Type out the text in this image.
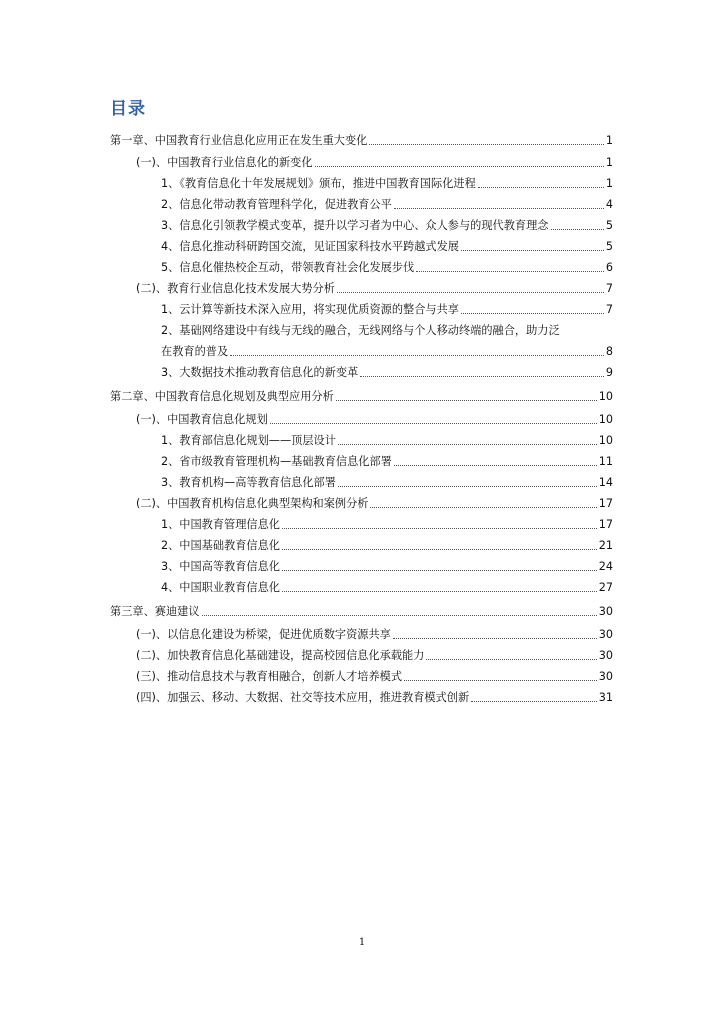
目录
第一章、中国教育行业信息化应用正在发生重大变化	1
(一)、中国教育行业信息化的新变化	1
1、《教育信息化十年发展规划》颁布，推进中国教育国际化进程	1
2、信息化带动教育管理科学化，促进教育公平	4
3、信息化引领教学模式变革，提升以学习者为中心、众人参与的现代教育理念	5
4、信息化推动科研跨国交流，见证国家科技水平跨越式发展	5
5、信息化催热校企互动，带领教育社会化发展步伐	6
(二)、教育行业信息化技术发展大势分析	7
1、云计算等新技术深入应用，将实现优质资源的整合与共享	7
2、基础网络建设中有线与无线的融合，无线网络与个人移动终端的融合，助力泛
在教育的普及	8
3、大数据技术推动教育信息化的新变革	9
第二章、中国教育信息化规划及典型应用分析	10
(一)、中国教育信息化规划	10
1、教育部信息化规划——顶层设计	10
2、省市级教育管理机构—基础教育信息化部署	11
3、教育机构—高等教育信息化部署	14
(二)、中国教育机构信息化典型架构和案例分析	17
1、中国教育管理信息化	17
2、中国基础教育信息化	21
3、中国高等教育信息化	24
4、中国职业教育信息化	27
第三章、赛迪建议	30
(一)、以信息化建设为桥梁，促进优质数字资源共享	30
(二)、加快教育信息化基础建设，提高校园信息化承载能力	30
(三)、推动信息技术与教育相融合，创新人才培养模式	30
(四)、加强云、移动、大数据、社交等技术应用，推进教育模式创新	31
1
